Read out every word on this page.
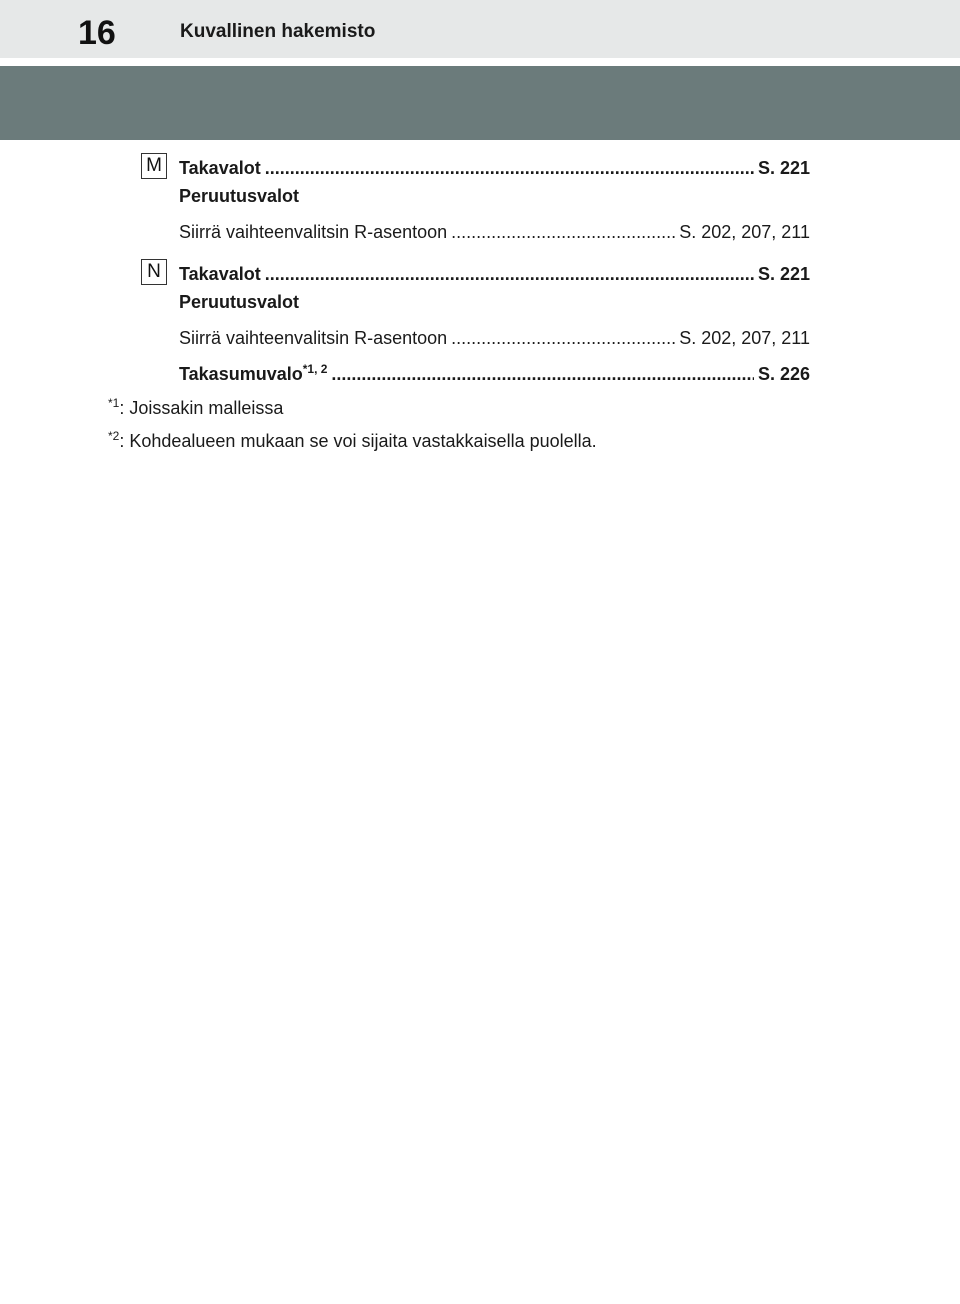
16	Kuvallinen hakemisto
M Takavalot .....	S. 221
Peruutusvalot
Siirrä vaihteenvalitsin R-asentoon .....	S. 202, 207, 211
N	Takavalot .....	S. 221
Peruutusvalot
Siirrä vaihteenvalitsin R-asentoon .....	S. 202, 207, 211
Takasumuvalo$^{*1, 2}$ .....	S. 226
$^{*1}$: Joissakin malleissa
$^{*2}$: Kohdealueen mukaan se voi sijaita vastakkaisella puolella.
